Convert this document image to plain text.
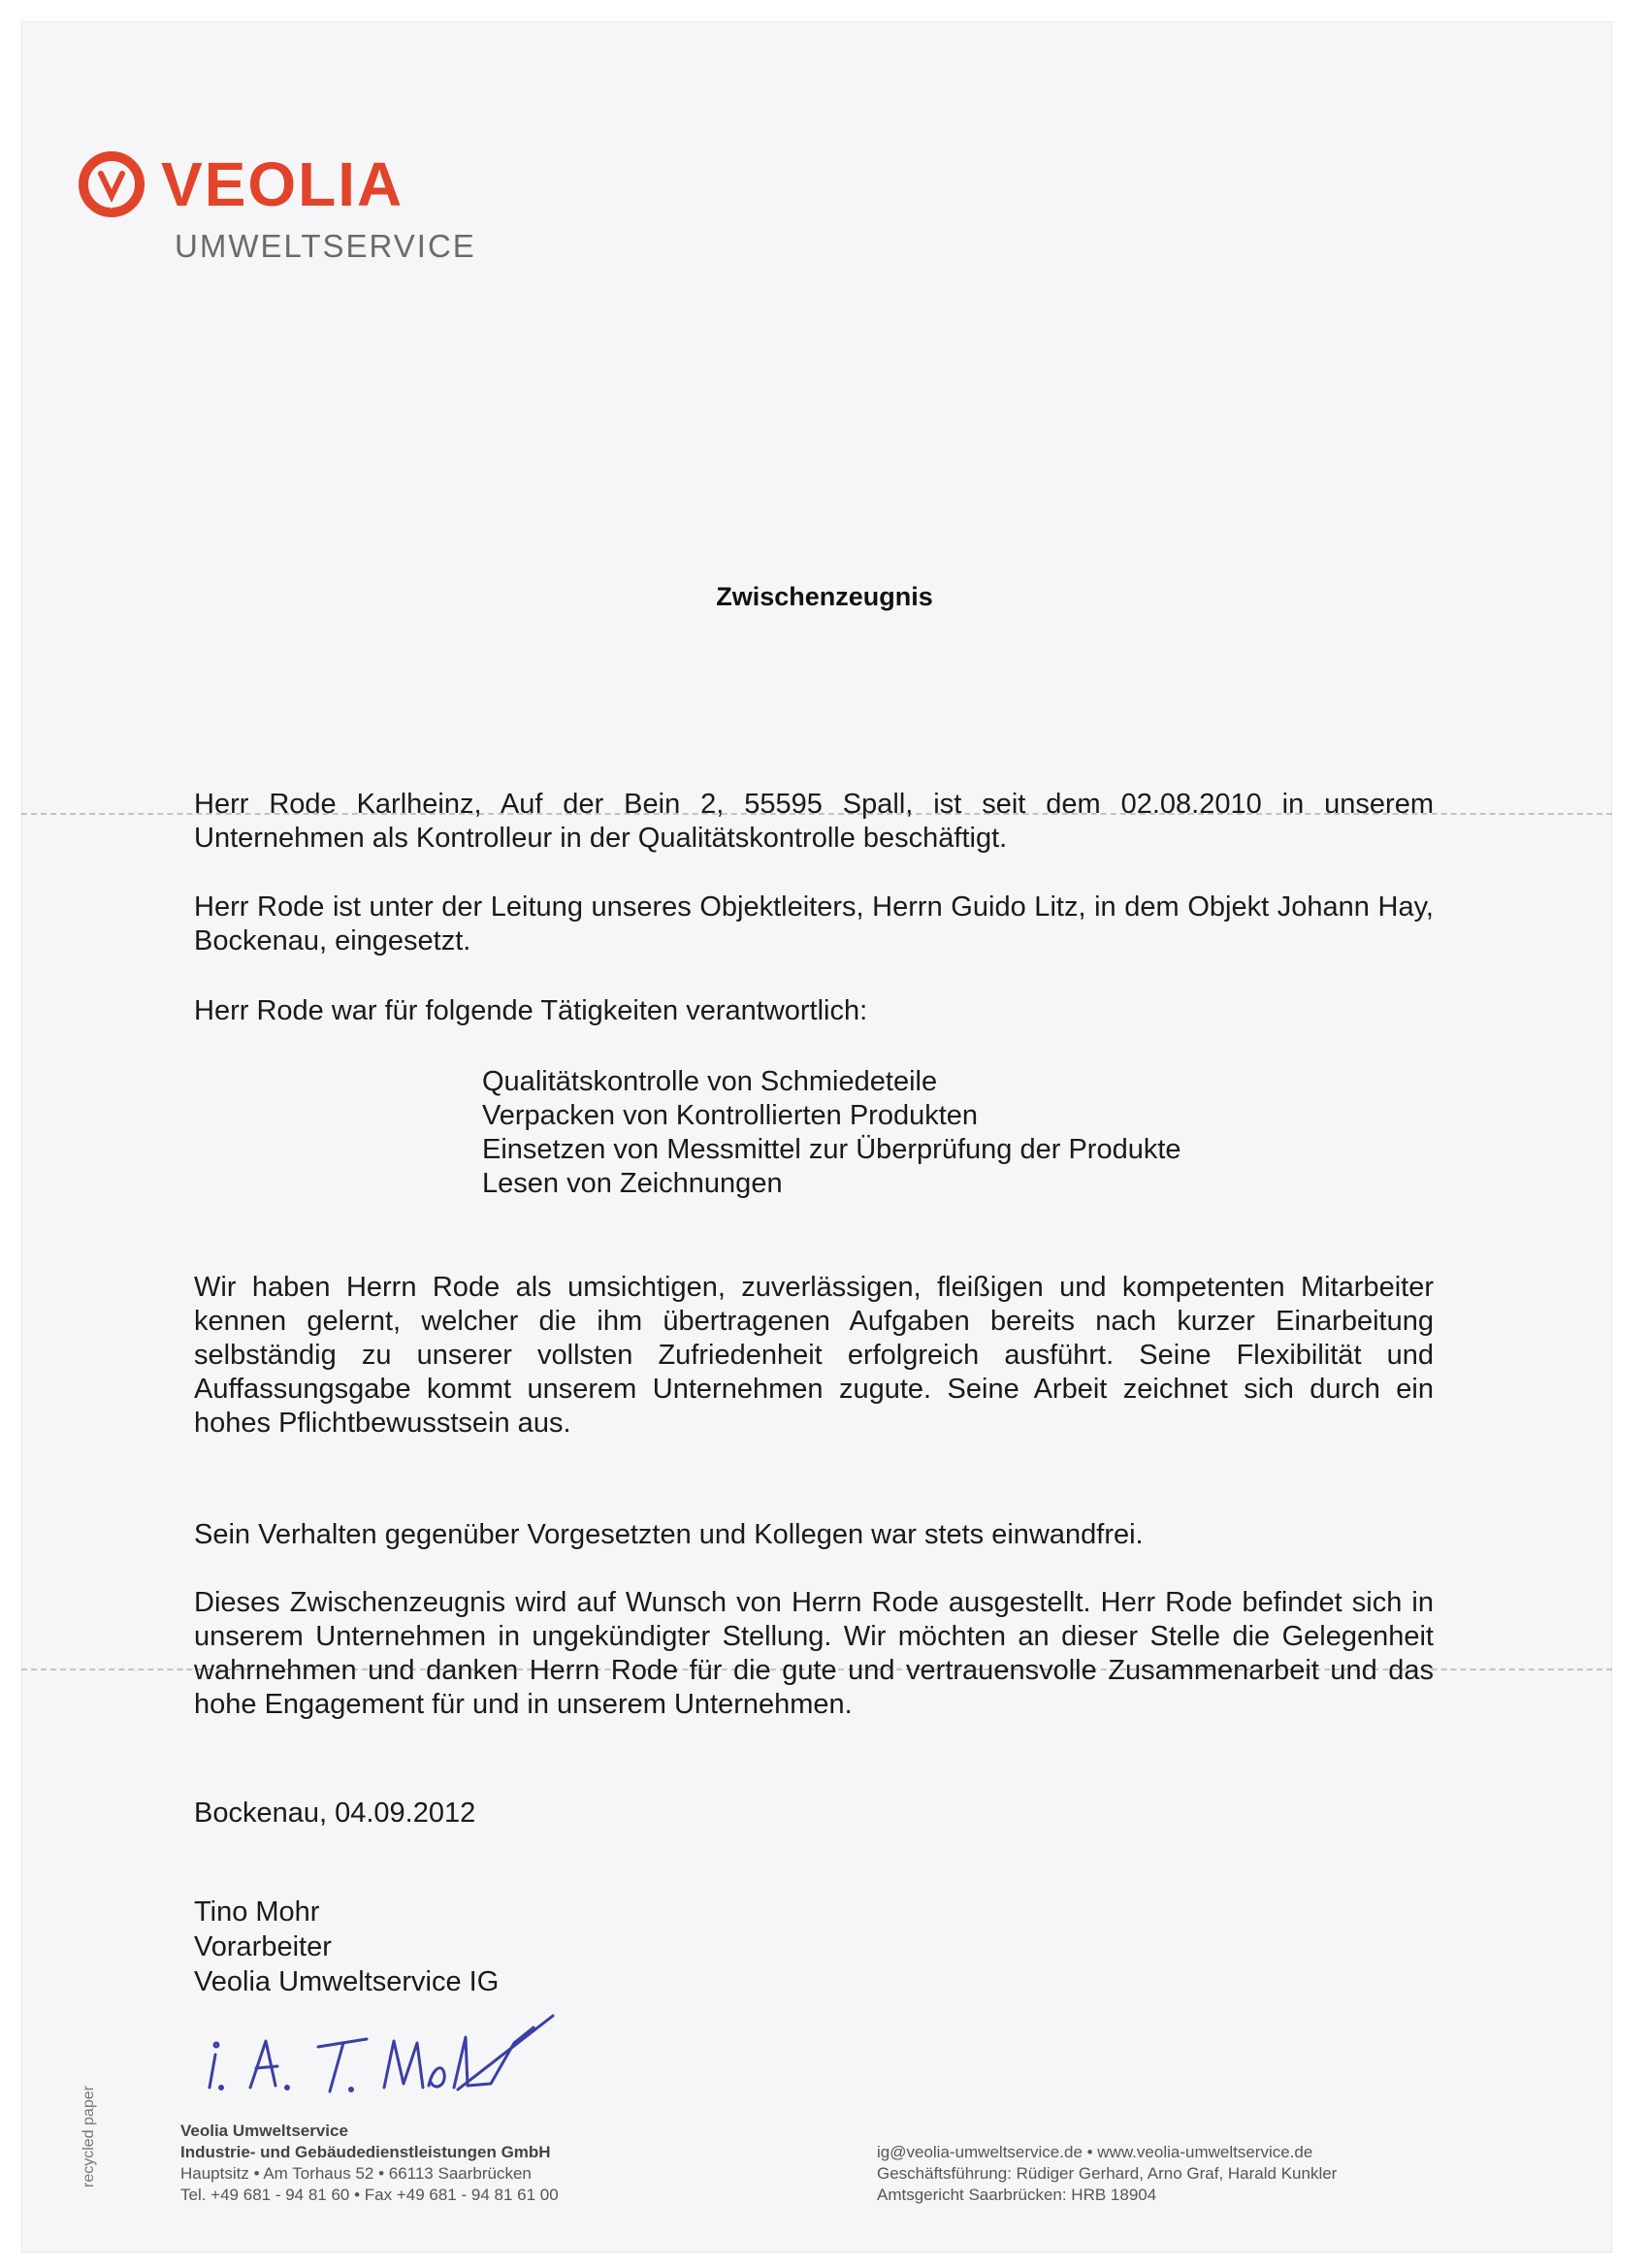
VEOLIA
UMWELTSERVICE
Zwischenzeugnis
Herr Rode Karlheinz, Auf der Bein 2, 55595 Spall, ist seit dem 02.08.2010 in unserem Unternehmen als Kontrolleur in der Qualitätskontrolle beschäftigt.
Herr Rode ist unter der Leitung unseres Objektleiters, Herrn Guido Litz, in dem Objekt Johann Hay, Bockenau, eingesetzt.
Herr Rode war für folgende Tätigkeiten verantwortlich:
Qualitätskontrolle von Schmiedeteile
Verpacken von Kontrollierten Produkten
Einsetzen von Messmittel zur Überprüfung der Produkte
Lesen von Zeichnungen
Wir haben Herrn Rode als umsichtigen, zuverlässigen, fleißigen und kompetenten Mitarbeiter kennen gelernt, welcher die ihm übertragenen Aufgaben bereits nach kurzer Einarbeitung selbständig zu unserer vollsten Zufriedenheit erfolgreich ausführt. Seine Flexibilität und Auffassungsgabe kommt unserem Unternehmen zugute. Seine Arbeit zeichnet sich durch ein hohes Pflichtbewusstsein aus.
Sein Verhalten gegenüber Vorgesetzten und Kollegen war stets einwandfrei.
Dieses Zwischenzeugnis wird auf Wunsch von Herrn Rode ausgestellt. Herr Rode befindet sich in unserem Unternehmen in ungekündigter Stellung. Wir möchten an dieser Stelle die Gelegenheit wahrnehmen und danken Herrn Rode für die gute und vertrauensvolle Zusammenarbeit und das hohe Engagement für und in unserem Unternehmen.
Bockenau, 04.09.2012
Tino Mohr
Vorarbeiter
Veolia Umweltservice IG
recycled paper	Veolia Umweltservice
Industrie- und Gebäudedienstleistungen GmbH
Hauptsitz • Am Torhaus 52 • 66113 Saarbrücken
Tel. +49 681 - 94 81 60 • Fax +49 681 - 94 81 61 00
ig@veolia-umweltservice.de • www.veolia-umweltservice.de
Geschäftsführung: Rüdiger Gerhard, Arno Graf, Harald Kunkler
Amtsgericht Saarbrücken: HRB 18904
